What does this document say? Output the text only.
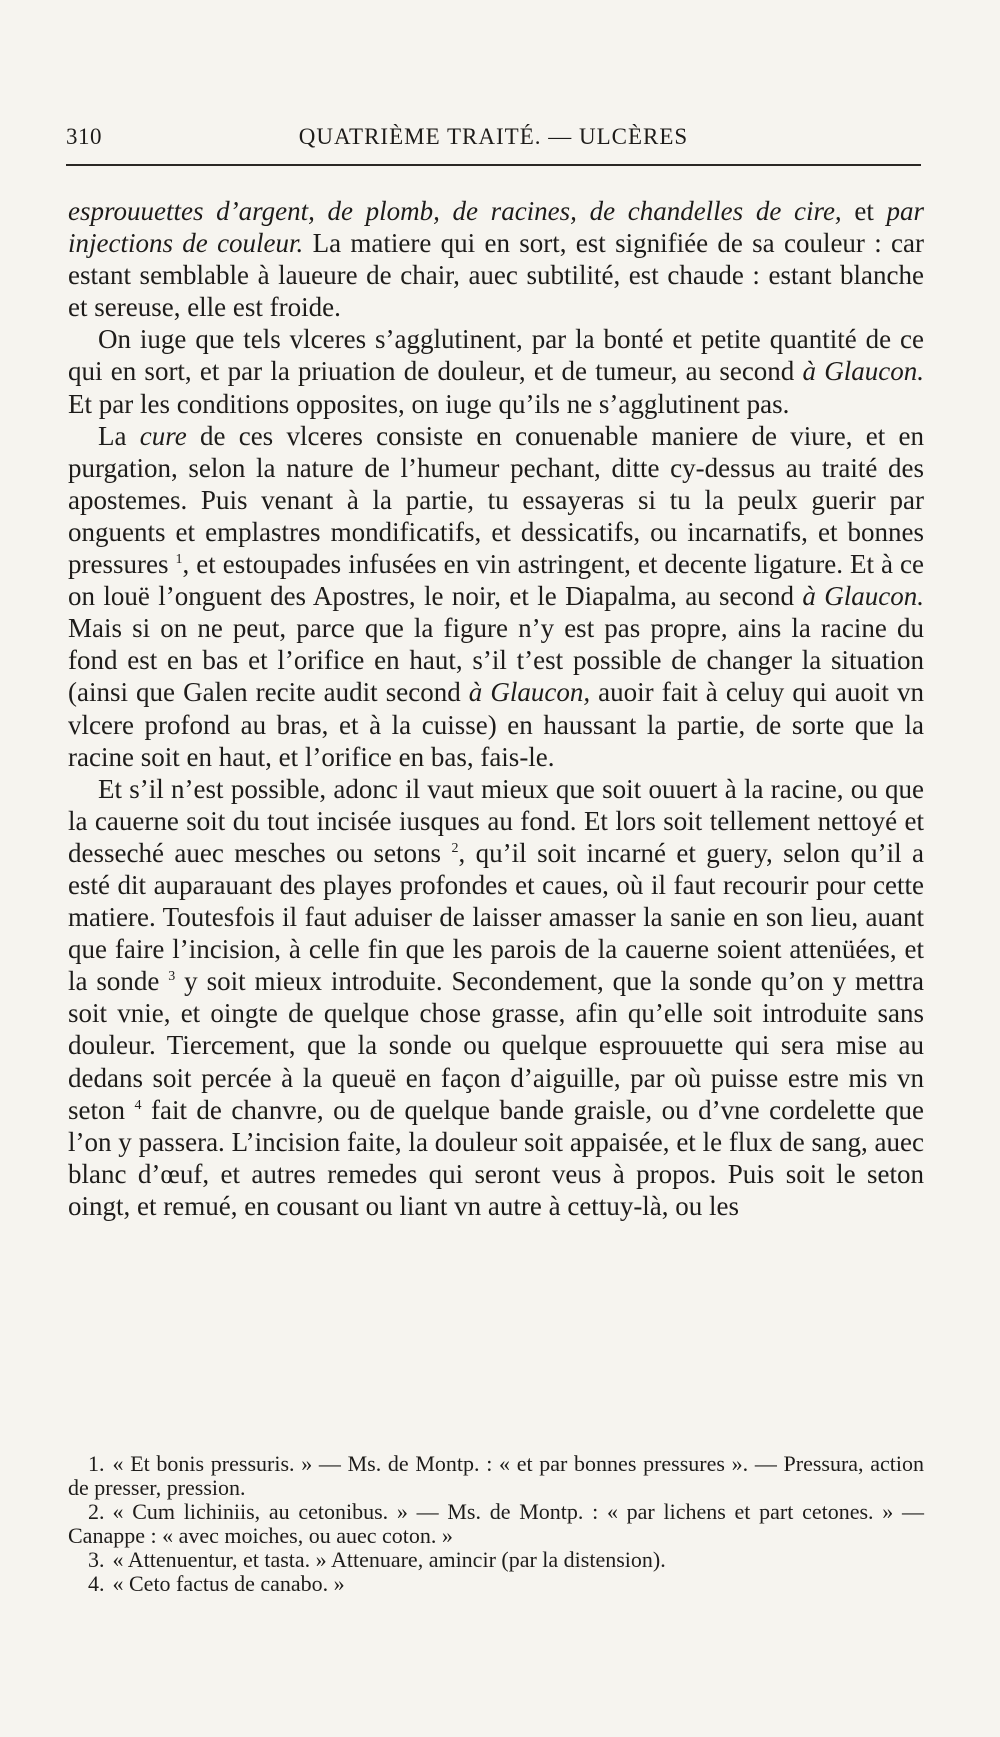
310	QUATRIÈME TRAITÉ. — ULCÈRES

esprouuettes d’argent, de plomb, de racines, de chandelles de cire, et par injections de couleur. La matiere qui en sort, est signifiée de sa couleur : car estant semblable à laueure de chair, auec subtilité, est chaude : estant blanche et sereuse, elle est froide.

On iuge que tels vlceres s’agglutinent, par la bonté et petite quantité de ce qui en sort, et par la priuation de douleur, et de tumeur, au second à Glaucon. Et par les conditions opposites, on iuge qu’ils ne s’agglutinent pas.

La cure de ces vlceres consiste en conuenable maniere de viure, et en purgation, selon la nature de l’humeur pechant, ditte cy-dessus au traité des apostemes. Puis venant à la partie, tu essayeras si tu la peulx guerir par onguents et emplastres mondificatifs, et dessicatifs, ou incarnatifs, et bonnes pressures $^1$, et estoupades infusées en vin astringent, et decente ligature. Et à ce on louë l’onguent des Apostres, le noir, et le Diapalma, au second à Glaucon. Mais si on ne peut, parce que la figure n’y est pas propre, ains la racine du fond est en bas et l’orifice en haut, s’il t’est possible de changer la situation (ainsi que Galen recite audit second à Glaucon, auoir fait à celuy qui auoit vn vlcere profond au bras, et à la cuisse) en haussant la partie, de sorte que la racine soit en haut, et l’orifice en bas, fais-le.

Et s’il n’est possible, adonc il vaut mieux que soit ouuert à la racine, ou que la cauerne soit du tout incisée iusques au fond. Et lors soit tellement nettoyé et desseché auec mesches ou setons $^2$, qu’il soit incarné et guery, selon qu’il a esté dit auparauant des playes profondes et caues, où il faut recourir pour cette matiere. Toutesfois il faut aduiser de laisser amasser la sanie en son lieu, auant que faire l’incision, à celle fin que les parois de la cauerne soient attenüées, et la sonde $^3$ y soit mieux introduite. Secondement, que la sonde qu’on y mettra soit vnie, et oingte de quelque chose grasse, afin qu’elle soit introduite sans douleur. Tiercement, que la sonde ou quelque esprouuette qui sera mise au dedans soit percée à la queuë en façon d’aiguille, par où puisse estre mis vn seton $^4$ fait de chanvre, ou de quelque bande graisle, ou d’vne cordelette que l’on y passera. L’incision faite, la douleur soit appaisée, et le flux de sang, auec blanc d’œuf, et autres remedes qui seront veus à propos. Puis soit le seton oingt, et remué, en cousant ou liant vn autre à cettuy-là, ou les

1. « Et bonis pressuris. » — Ms. de Montp. : « et par bonnes pressures ». — Pressura, action de presser, pression.

2. « Cum lichiniis, au cetonibus. » — Ms. de Montp. : « par lichens et part cetones. » — Canappe : « avec moiches, ou auec coton. »

3. « Attenuentur, et tasta. » Attenuare, amincir (par la distension).

4. « Ceto factus de canabo. »
